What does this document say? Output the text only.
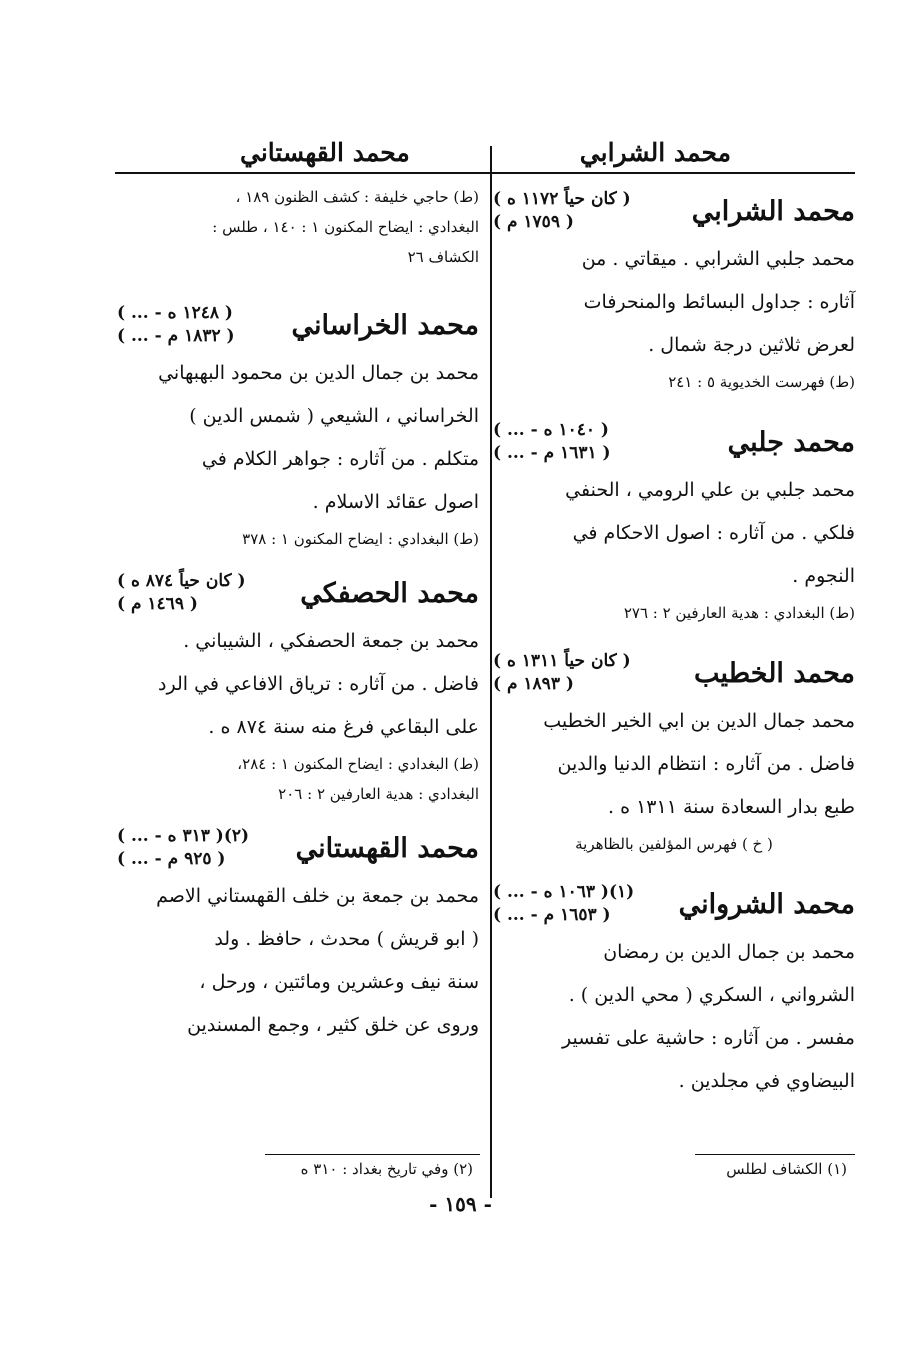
محمد الشرابي
محمد القهستاني
محمد الشرابي
( كان حياً ١١٧٢ ه )
( ١٧٥٩ م )
محمد جلبي الشرابي . ميقاتي . من
آثاره : جداول البسائط والمنحرفات
لعرض ثلاثين درجة شمال .
(ط) فهرست الخديوية ٥ : ٢٤١
محمد جلبي
( ... - ١٠٤٠ ه )
( ... - ١٦٣١ م )
محمد جلبي بن علي الرومي ، الحنفي
فلكي . من آثاره : اصول الاحكام في
النجوم .
(ط) البغدادي : هدية العارفين ٢ : ٢٧٦
محمد الخطيب
( كان حياً ١٣١١ ه )
( ١٨٩٣ م )
محمد جمال الدين بن ابي الخير الخطيب
فاضل . من آثاره : انتظام الدنيا والدين
طبع بدار السعادة سنة ١٣١١ ه .
( خ ) فهرس المؤلفين بالظاهرية
محمد الشرواني
( ... - ١٠٦٣ ه )(١)
( ... - ١٦٥٣ م )
محمد بن جمال الدين بن رمضان
الشرواني ، السكري ( محي الدين ) .
مفسر . من آثاره : حاشية على تفسير
البيضاوي في مجلدين .
(ط) حاجي خليفة : كشف الظنون ١٨٩ ،
البغدادي : ايضاح المكنون ١ : ١٤٠ ، طلس :
الكشاف ٢٦
محمد الخراساني
( ... - ١٢٤٨ ه )
( ... - ١٨٣٢ م )
محمد بن جمال الدين بن محمود البهبهاني
الخراساني ، الشيعي ( شمس الدين )
متكلم . من آثاره : جواهر الكلام في
اصول عقائد الاسلام .
(ط) البغدادي : ايضاح المكنون ١ : ٣٧٨
محمد الحصفكي
( كان حياً ٨٧٤ ه )
( ١٤٦٩ م )
محمد بن جمعة الحصفكي ، الشيباني .
فاضل . من آثاره : ترياق الافاعي في الرد
على البقاعي فرغ منه سنة ٨٧٤ ه .
(ط) البغدادي : ايضاح المكنون ١ : ٢٨٤،
البغدادي : هدية العارفين ٢ : ٢٠٦
محمد القهستاني
( ... - ٣١٣ ه )(٢)
( ... - ٩٢٥ م )
محمد بن جمعة بن خلف القهستاني الاصم
( ابو قريش ) محدث ، حافظ . ولد
سنة نيف وعشرين ومائتين ، ورحل ،
وروى عن خلق كثير ، وجمع المسندين
(١) الكشاف لطلس
(٢) وفي تاريخ بغداد : ٣١٠ ه
- ١٥٩ -
